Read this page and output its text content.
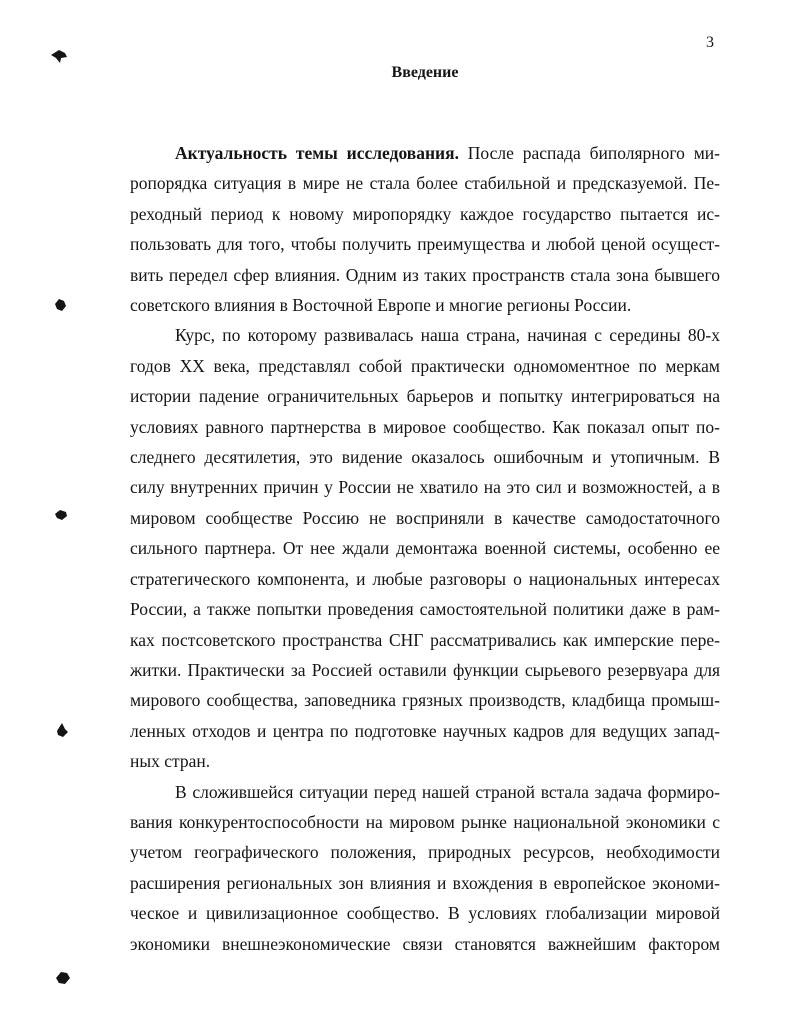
3
Введение
Актуальность темы исследования. После распада биполярного ми-
ропорядка ситуация в мире не стала более стабильной и предсказуемой. Пе-
реходный период к новому миропорядку каждое государство пытается ис-
пользовать для того, чтобы получить преимущества и любой ценой осущест-
вить передел сфер влияния. Одним из таких пространств стала зона бывшего
советского влияния в Восточной Европе и многие регионы России.
Курс, по которому развивалась наша страна, начиная с середины 80-х
годов XX века, представлял собой практически одномоментное по меркам
истории падение ограничительных барьеров и попытку интегрироваться на
условиях равного партнерства в мировое сообщество. Как показал опыт по-
следнего десятилетия, это видение оказалось ошибочным и утопичным. В
силу внутренних причин у России не хватило на это сил и возможностей, а в
мировом сообществе Россию не восприняли в качестве самодостаточного
сильного партнера. От нее ждали демонтажа военной системы, особенно ее
стратегического компонента, и любые разговоры о национальных интересах
России, а также попытки проведения самостоятельной политики даже в рам-
ках постсоветского пространства СНГ рассматривались как имперские пере-
житки. Практически за Россией оставили функции сырьевого резервуара для
мирового сообщества, заповедника грязных производств, кладбища промыш-
ленных отходов и центра по подготовке научных кадров для ведущих запад-
ных стран.
В сложившейся ситуации перед нашей страной встала задача формиро-
вания конкурентоспособности на мировом рынке национальной экономики с
учетом географического положения, природных ресурсов, необходимости
расширения региональных зон влияния и вхождения в европейское экономи-
ческое и цивилизационное сообщество. В условиях глобализации мировой
экономики внешнеэкономические связи становятся важнейшим фактором
